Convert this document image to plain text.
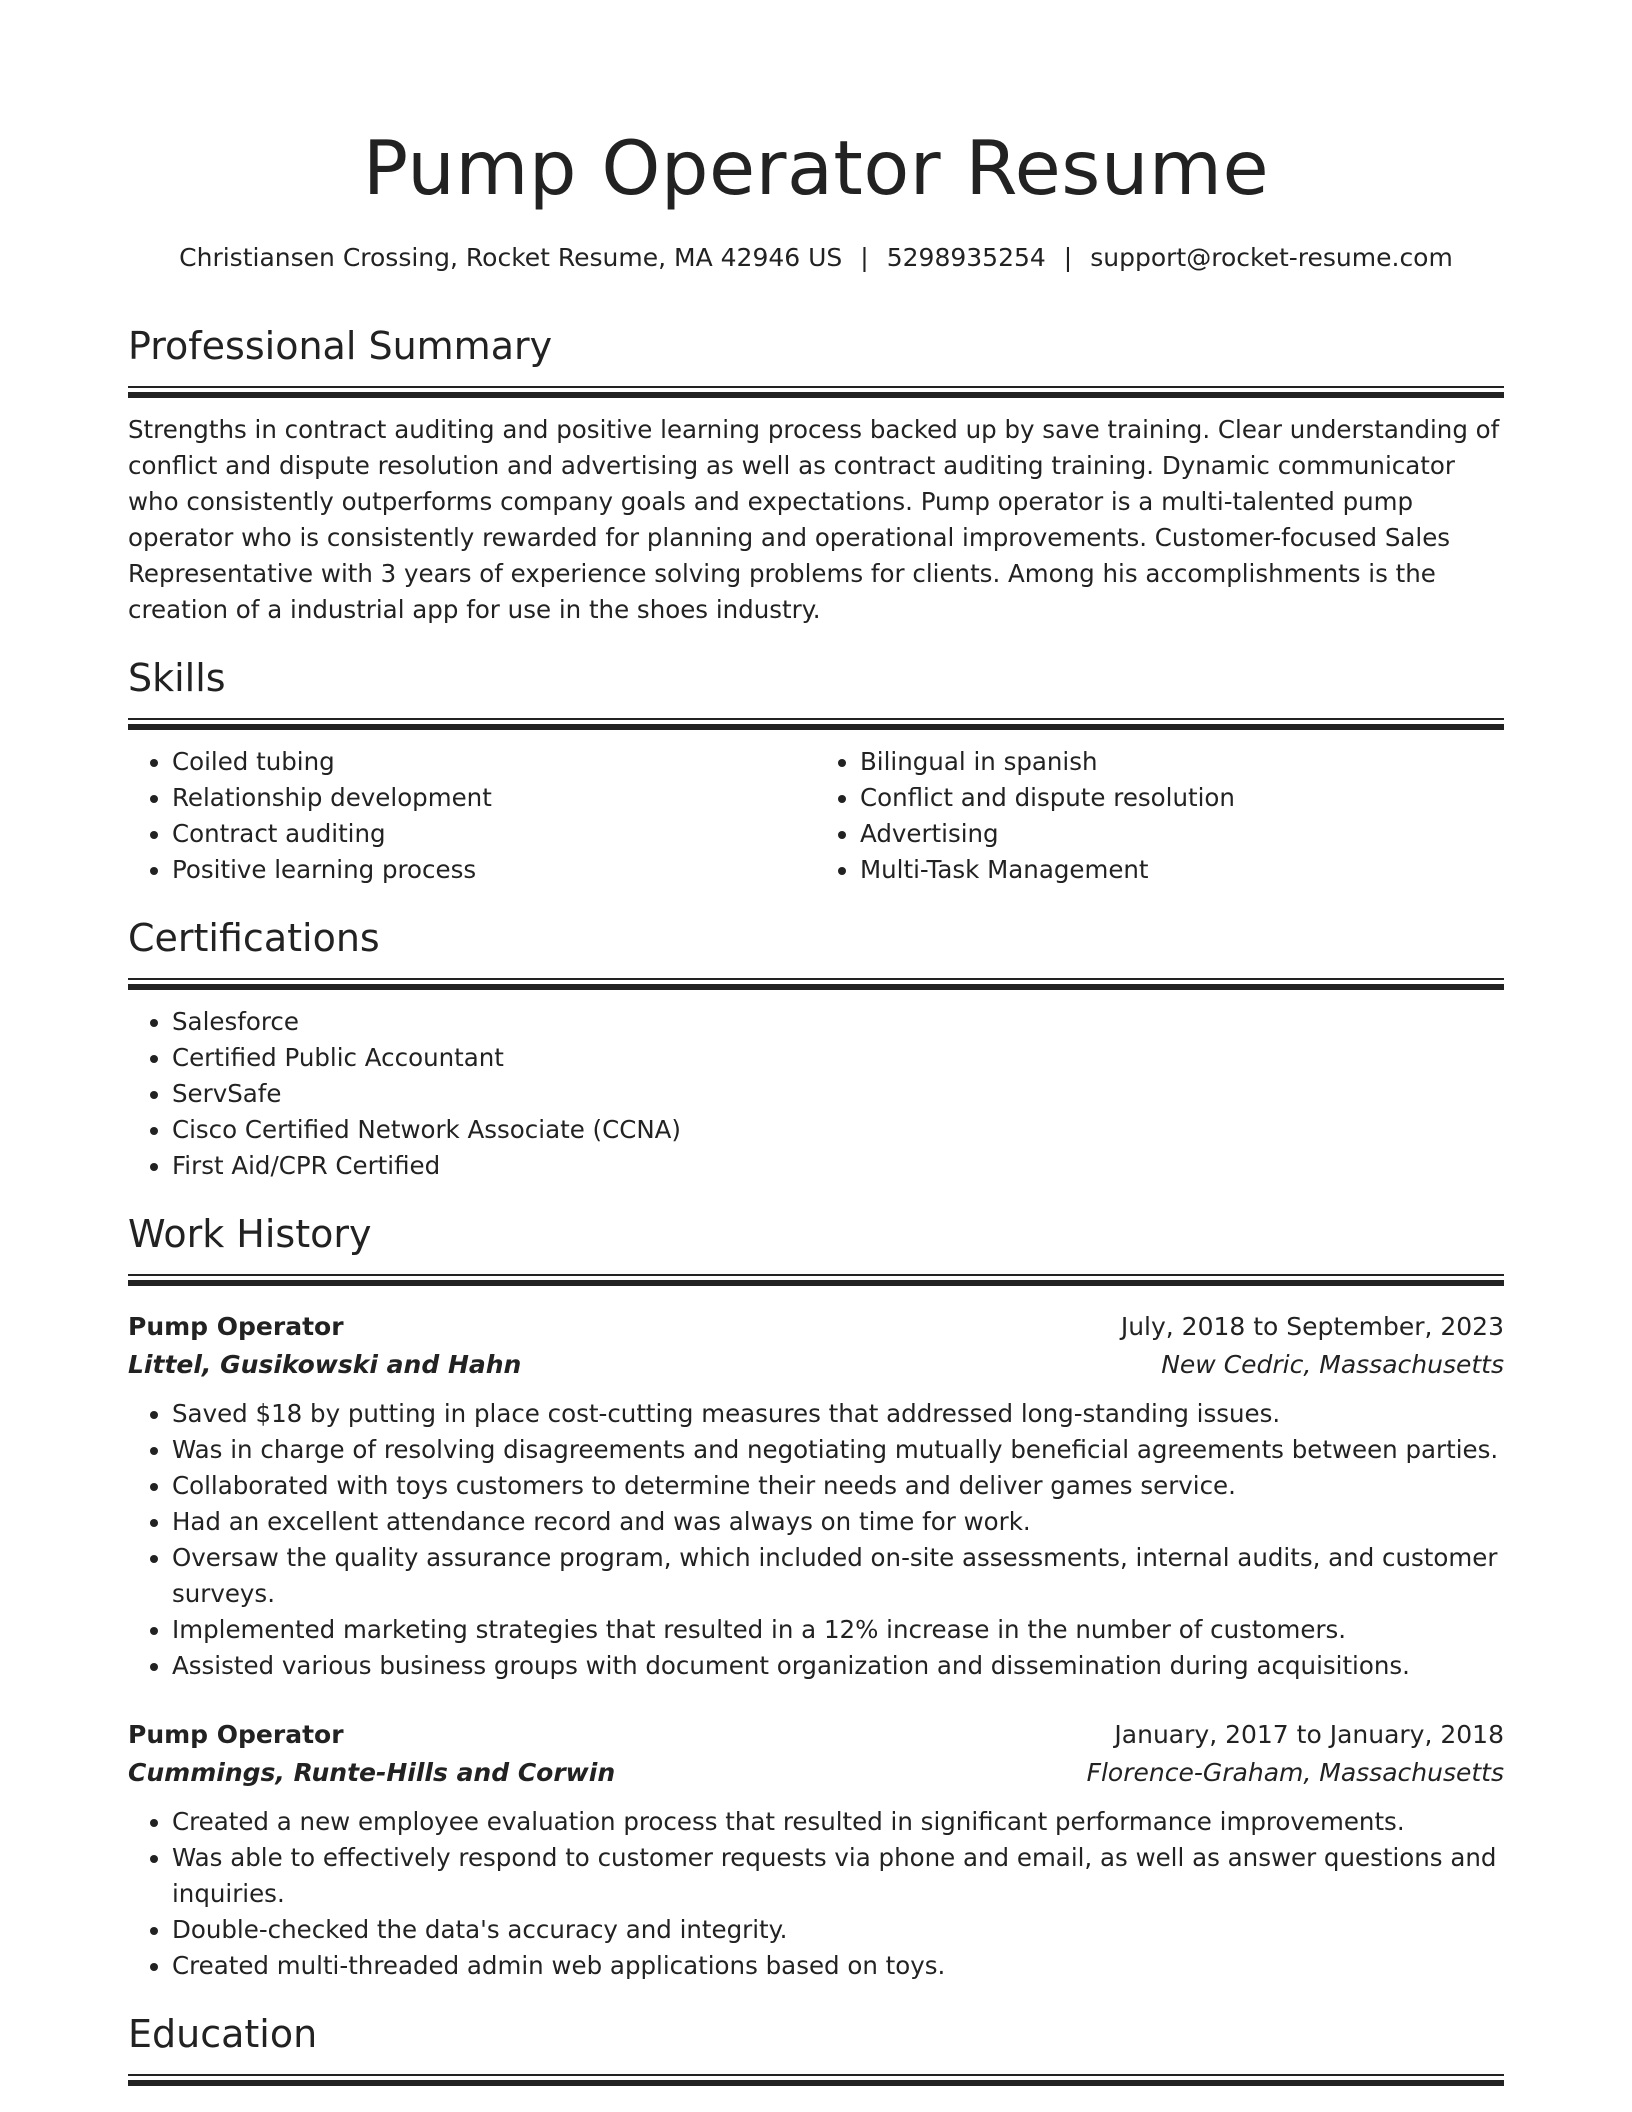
Pump Operator Resume
Christiansen Crossing, Rocket Resume, MA 42946 US | 5298935254 | support@rocket-resume.com
Professional Summary

Strengths in contract auditing and positive learning process backed up by save training. Clear understanding of conflict and dispute resolution and advertising as well as contract auditing training. Dynamic communicator who consistently outperforms company goals and expectations. Pump operator is a multi-talented pump operator who is consistently rewarded for planning and operational improvements. Customer-focused Sales Representative with 3 years of experience solving problems for clients. Among his accomplishments is the creation of a industrial app for use in the shoes industry.

Skills
• Coiled tubing
• Relationship development
• Contract auditing
• Positive learning process
• Bilingual in spanish
• Conflict and dispute resolution
• Advertising
• Multi-Task Management
Certifications
• Salesforce
• Certified Public Accountant
• ServSafe
• Cisco Certified Network Associate (CCNA)
• First Aid/CPR Certified
Work History
Pump Operator	July, 2018 to September, 2023
Littel, Gusikowski and Hahn	New Cedric, Massachusetts
• Saved $18 by putting in place cost-cutting measures that addressed long-standing issues.
• Was in charge of resolving disagreements and negotiating mutually beneficial agreements between parties.
• Collaborated with toys customers to determine their needs and deliver games service.
• Had an excellent attendance record and was always on time for work.
• Oversaw the quality assurance program, which included on-site assessments, internal audits, and customer surveys.
• Implemented marketing strategies that resulted in a 12% increase in the number of customers.
• Assisted various business groups with document organization and dissemination during acquisitions.
Pump Operator	January, 2017 to January, 2018
Cummings, Runte-Hills and Corwin	Florence-Graham, Massachusetts
• Created a new employee evaluation process that resulted in significant performance improvements.
• Was able to effectively respond to customer requests via phone and email, as well as answer questions and inquiries.
• Double-checked the data's accuracy and integrity.
• Created multi-threaded admin web applications based on toys.
Education
